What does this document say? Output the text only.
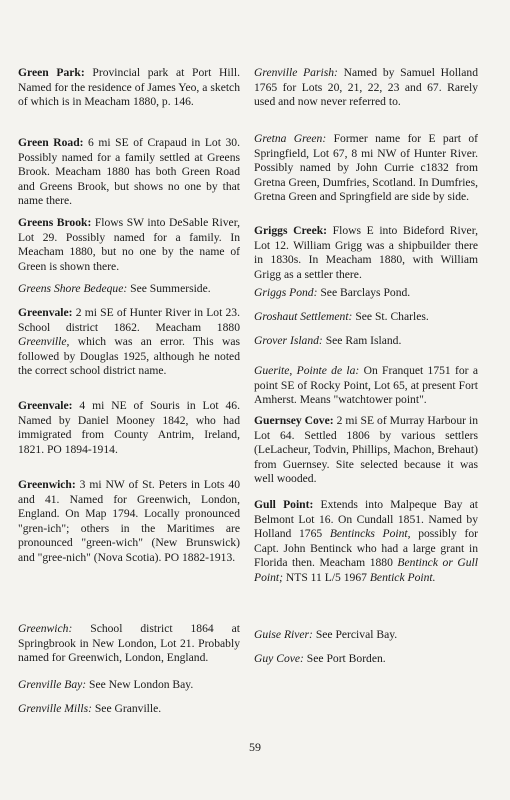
Green Park: Provincial park at Port Hill. Named for the residence of James Yeo, a sketch of which is in Meacham 1880, p. 146.

Green Road: 6 mi SE of Crapaud in Lot 30. Possibly named for a family settled at Greens Brook. Meacham 1880 has both Green Road and Greens Brook, but shows no one by that name there.

Greens Brook: Flows SW into DeSable River, Lot 29. Possibly named for a family. In Meacham 1880, but no one by the name of Green is shown there.

Greens Shore Bedeque: See Summerside.

Greenvale: 2 mi SE of Hunter River in Lot 23. School district 1862. Meacham 1880 Greenville, which was an error. This was followed by Douglas 1925, although he noted the correct school district name.

Greenvale: 4 mi NE of Souris in Lot 46. Named by Daniel Mooney 1842, who had immigrated from County Antrim, Ireland, 1821. PO 1894-1914.

Greenwich: 3 mi NW of St. Peters in Lots 40 and 41. Named for Greenwich, London, England. On Map 1794. Locally pronounced "gren-ich"; others in the Maritimes are pronounced "green-wich" (New Brunswick) and "gree-nich" (Nova Scotia). PO 1882-1913.

Greenwich: School district 1864 at Springbrook in New London, Lot 21. Probably named for Greenwich, London, England.

Grenville Bay: See New London Bay.

Grenville Mills: See Granville.

Grenville Parish: Named by Samuel Holland 1765 for Lots 20, 21, 22, 23 and 67. Rarely used and now never referred to.

Gretna Green: Former name for E part of Springfield, Lot 67, 8 mi NW of Hunter River. Possibly named by John Currie c1832 from Gretna Green, Dumfries, Scotland. In Dumfries, Gretna Green and Springfield are side by side.

Griggs Creek: Flows E into Bideford River, Lot 12. William Grigg was a shipbuilder there in 1830s. In Meacham 1880, with William Grigg as a settler there.

Griggs Pond: See Barclays Pond.

Groshaut Settlement: See St. Charles.

Grover Island: See Ram Island.

Guerite, Pointe de la: On Franquet 1751 for a point SE of Rocky Point, Lot 65, at present Fort Amherst. Means "watchtower point".

Guernsey Cove: 2 mi SE of Murray Harbour in Lot 64. Settled 1806 by various settlers (LeLacheur, Todvin, Phillips, Machon, Brehaut) from Guernsey. Site selected because it was well wooded.

Gull Point: Extends into Malpeque Bay at Belmont Lot 16. On Cundall 1851. Named by Holland 1765 Bentincks Point, possibly for Capt. John Bentinck who had a large grant in Florida then. Meacham 1880 Bentinck or Gull Point; NTS 11 L/5 1967 Bentick Point.

Guise River: See Percival Bay.

Guy Cove: See Port Borden.

59
